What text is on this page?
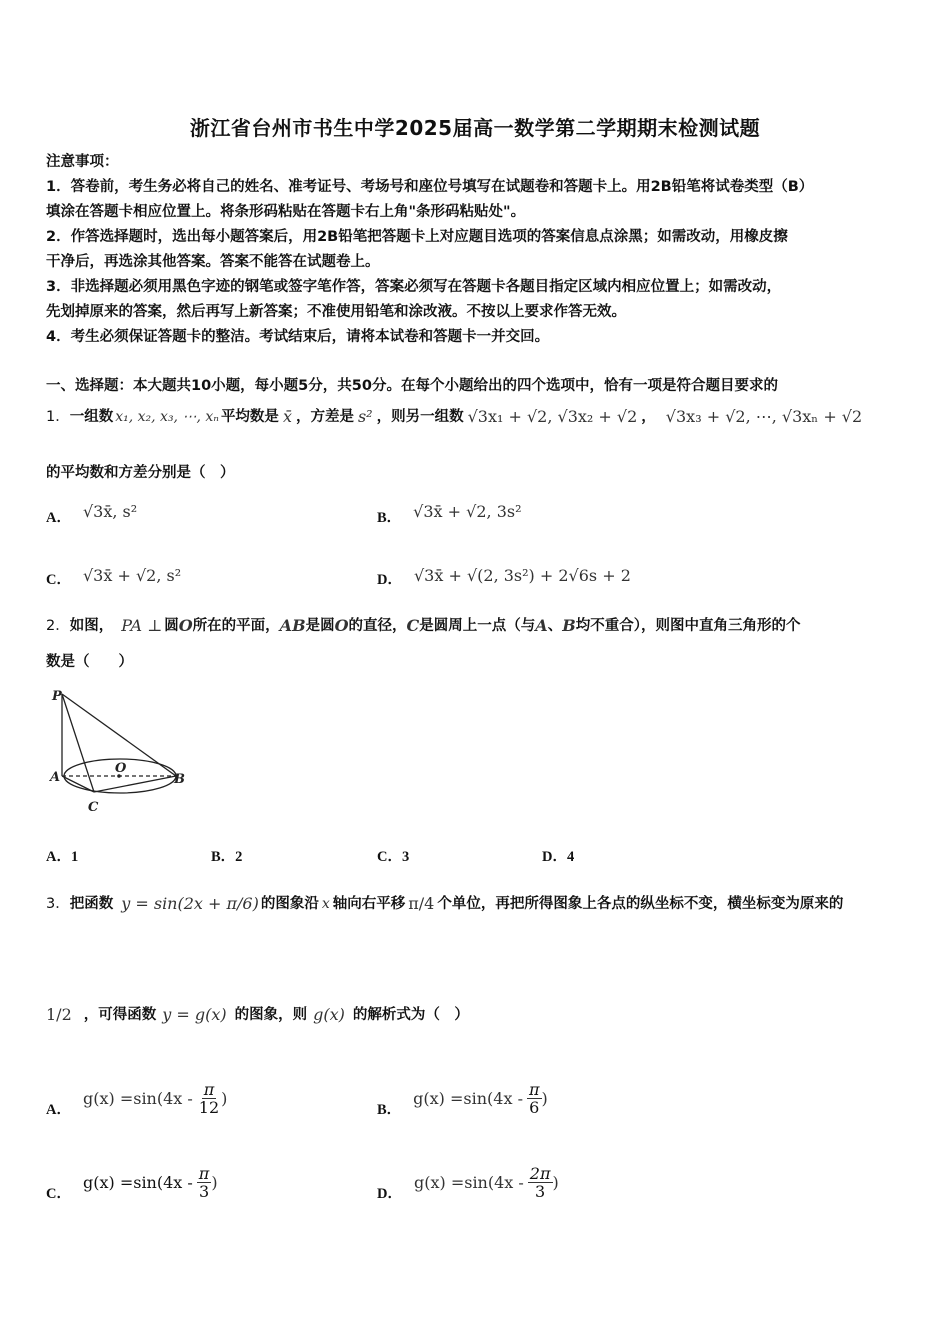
浙江省台州市书生中学2025届高一数学第二学期期末检测试题
注意事项：
1．答卷前，考生务必将自己的姓名、准考证号、考场号和座位号填写在试题卷和答题卡上。用2B铅笔将试卷类型（B）
填涂在答题卡相应位置上。将条形码粘贴在答题卡右上角"条形码粘贴处"。
2．作答选择题时，选出每小题答案后，用2B铅笔把答题卡上对应题目选项的答案信息点涂黑；如需改动，用橡皮擦
干净后，再选涂其他答案。答案不能答在试题卷上。
3．非选择题必须用黑色字迹的钢笔或签字笔作答，答案必须写在答题卡各题目指定区域内相应位置上；如需改动，
先划掉原来的答案，然后再写上新答案；不准使用铅笔和涂改液。不按以上要求作答无效。
4．考生必须保证答题卡的整洁。考试结束后，请将本试卷和答题卡一并交回。
一、选择题：本大题共10小题，每小题5分，共50分。在每个小题给出的四个选项中，恰有一项是符合题目要求的
1． 一组数 x₁, x₂, x₃, ⋯, xₙ 平均数是 x̄ ，方差是 s² ，则另一组数 √3x₁ + √2, √3x₂ + √2 ， √3x₃ + √2, ⋯, √3xₙ + √2
的平均数和方差分别是（　）
A． √3x̄, s²	B． √3x̄ + √2, 3s²
C． √3x̄ + √2, s²	D． √3x̄ + √(2, 3s²) + 2√6s + 2
2． 如图， PA ⊥ 圆 O 所在的平面， AB 是圆 O 的直径， C 是圆周上一点（与 A 、 B 均不重合），则图中直角三角形的个
数是（　　）
P
A
O
B
C
A．1	B．2	C．3	D．4
3． 把函数 y = sin(2x + π/6) 的图象沿 x 轴向右平移 π/4 个单位，再把所得图象上各点的纵坐标不变，横坐标变为原来的
1/2 ，可得函数 y = g(x) 的图象，则 g(x) 的解析式为（　）
A．
$g(x) =\sin(4x - \frac{\pi}{12}$ )
B．
$g(x) =\sin(4x - \frac{\pi}{6}$ )
C．
$g(x) =\sin(4x - \frac{\pi}{3}$ )
D．
$g(x) =\sin(4x - \frac{2\pi}{3}$ )
